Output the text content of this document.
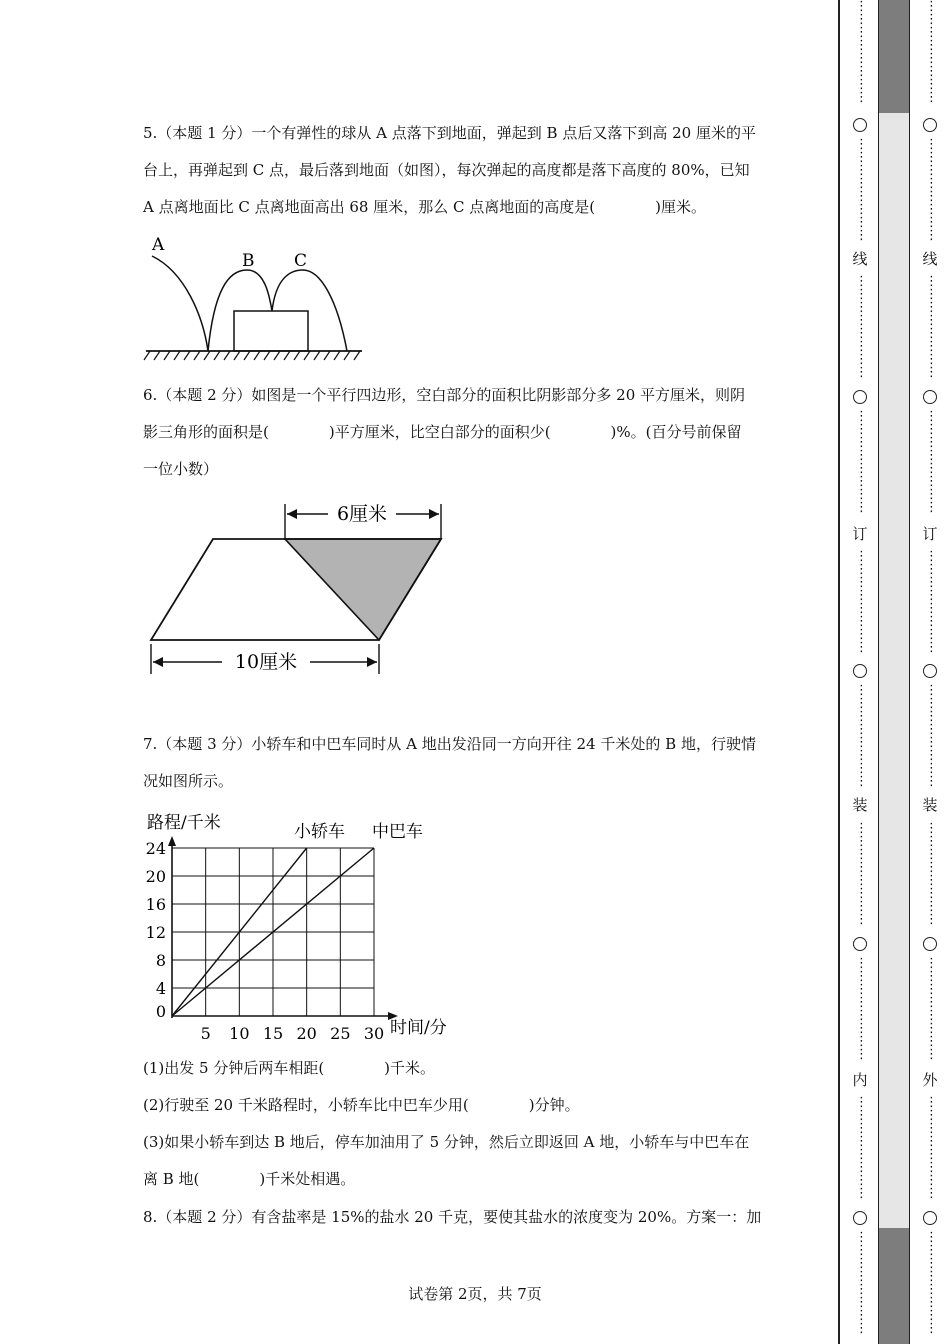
5.（本题 1 分）一个有弹性的球从 A 点落下到地面，弹起到 B 点后又落下到高 20 厘米的平

台上，再弹起到 C 点，最后落到地面（如图），每次弹起的高度都是落下高度的 80%，已知

A 点离地面比 C 点离地面高出 68 厘米，那么 C 点离地面的高度是(　　　　)厘米。

A
B C

6.（本题 2 分）如图是一个平行四边形，空白部分的面积比阴影部分多 20 平方厘米，则阴

影三角形的面积是(　　　　)平方厘米，比空白部分的面积少(　　　　)%。(百分号前保留

一位小数）

6厘米
10厘米

7.（本题 3 分）小轿车和中巴车同时从 A 地出发沿同一方向开往 24 千米处的 B 地，行驶情

况如图所示。

5 10 15 20 25 30
0
4
8
12
16
20
24
路程/千米
时间/分
小轿车 中巴车

(1)出发 5 分钟后两车相距(　　　　)千米。

(2)行驶至 20 千米路程时，小轿车比中巴车少用(　　　　)分钟。

(3)如果小轿车到达 B 地后，停车加油用了 5 分钟，然后立即返回 A 地，小轿车与中巴车在

离 B 地(　　　　)千米处相遇。

8.（本题 2 分）有含盐率是 15%的盐水 20 千克，要使其盐水的浓度变为 20%。方案一：加

试卷第 2页，共 7页
⋮
⋮
⋮
⋮
⋮
⋮
⋮
⋮
⋮
⋮
⋮
⋮
⋮
⋮
⋮
⋮
线
⋮
⋮
⋮
⋮
⋮
⋮
⋮
⋮
⋮
⋮
⋮
⋮
⋮
⋮
⋮
⋮
订
⋮
⋮
⋮
⋮
⋮
⋮
⋮
⋮
⋮
⋮
⋮
⋮
⋮
⋮
⋮
⋮
装
⋮
⋮
⋮
⋮
⋮
⋮
⋮
⋮
⋮
⋮
⋮
⋮
⋮
⋮
⋮
⋮
内
⋮
⋮
⋮
⋮
⋮
⋮
⋮
⋮
⋮
⋮
⋮
⋮
⋮
⋮
⋮
⋮
⋮
⋮
⋮
⋮
⋮
⋮
⋮
⋮
⋮
⋮
⋮
⋮
⋮
⋮
⋮
⋮
线
⋮
⋮
⋮
⋮
⋮
⋮
⋮
⋮
⋮
⋮
⋮
⋮
⋮
⋮
⋮
⋮
订
⋮
⋮
⋮
⋮
⋮
⋮
⋮
⋮
⋮
⋮
⋮
⋮
⋮
⋮
⋮
⋮
装
⋮
⋮
⋮
⋮
⋮
⋮
⋮
⋮
⋮
⋮
⋮
⋮
⋮
⋮
⋮
⋮
外
⋮
⋮
⋮
⋮
⋮
⋮
⋮
⋮
⋮
⋮
⋮
⋮
⋮
⋮
⋮
⋮
